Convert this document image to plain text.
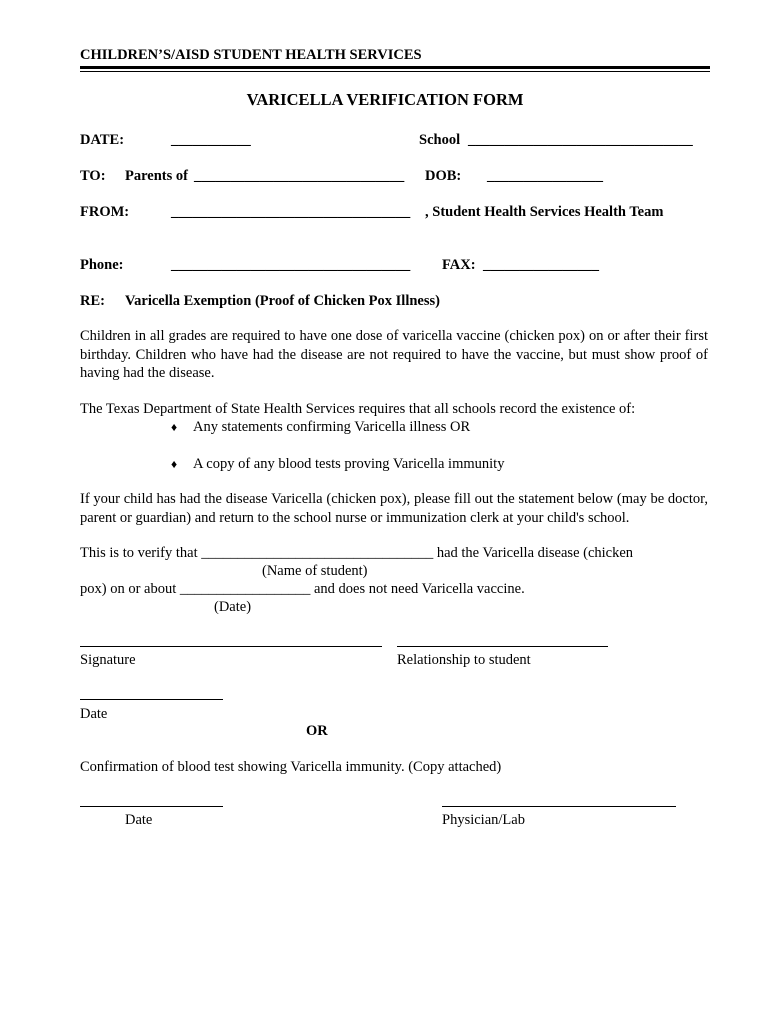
CHILDREN’S/AISD STUDENT HEALTH SERVICES
VARICELLA VERIFICATION FORM
DATE:	___________	School _______________________________
TO: Parents of _____________________________ DOB: ________________
FROM:	_________________________________ , Student Health Services Health Team
Phone:	_________________________________ FAX: ________________
RE: Varicella Exemption (Proof of Chicken Pox Illness)
Children in all grades are required to have one dose of varicella vaccine (chicken pox) on or after their first birthday. Children who have had the disease are not required to have the vaccine, but must show proof of having had the disease.
The Texas Department of State Health Services requires that all schools record the existence of:
♦ Any statements confirming Varicella illness OR
♦ A copy of any blood tests proving Varicella immunity
If your child has had the disease Varicella (chicken pox), please fill out the statement below (may be doctor, parent or guardian) and return to the school nurse or immunization clerk at your child's school.
This is to verify that ________________________________ had the Varicella disease (chicken
(Name of student)
pox) on or about __________________ and does not need Varicella vaccine.
(Date)
Signature	Relationship to student
Date
OR
Confirmation of blood test showing Varicella immunity. (Copy attached)
Date	Physician/Lab
